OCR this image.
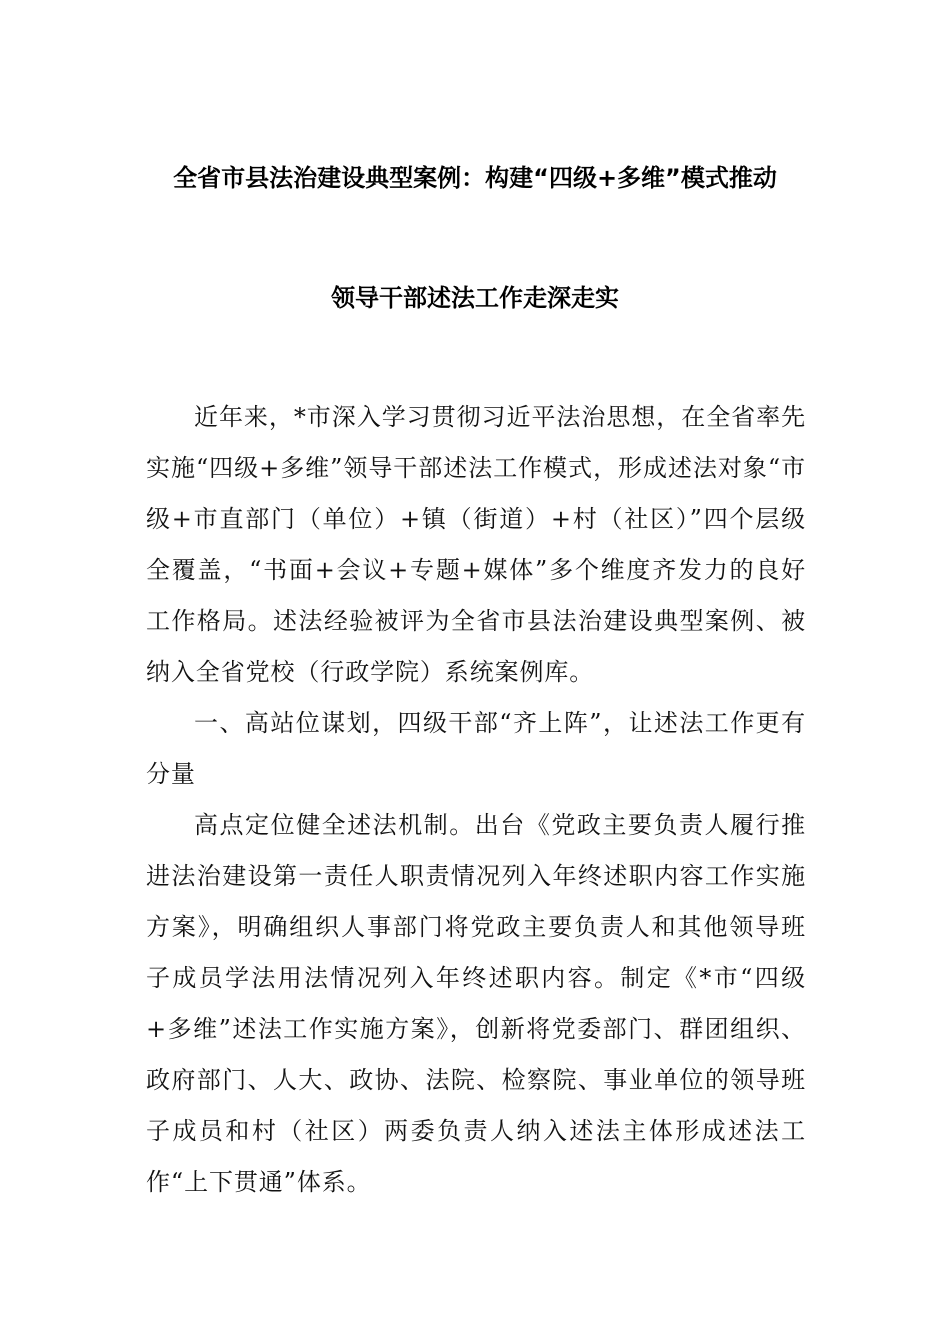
全省市县法治建设典型案例：构建“四级+多维”模式推动
领导干部述法工作走深走实

近年来，*市深入学习贯彻习近平法治思想，在全省率先实施“四级+多维”领导干部述法工作模式，形成述法对象“市级+市直部门（单位）+镇（街道）+村（社区）”四个层级全覆盖，“书面+会议+专题+媒体”多个维度齐发力的良好工作格局。述法经验被评为全省市县法治建设典型案例、被纳入全省党校（行政学院）系统案例库。

一、高站位谋划，四级干部“齐上阵”，让述法工作更有分量

高点定位健全述法机制。出台《党政主要负责人履行推进法治建设第一责任人职责情况列入年终述职内容工作实施方案》，明确组织人事部门将党政主要负责人和其他领导班子成员学法用法情况列入年终述职内容。制定《*市“四级+多维”述法工作实施方案》，创新将党委部门、群团组织、政府部门、人大、政协、法院、检察院、事业单位的领导班子成员和村（社区）两委负责人纳入述法主体形成述法工作“上下贯通”体系。
